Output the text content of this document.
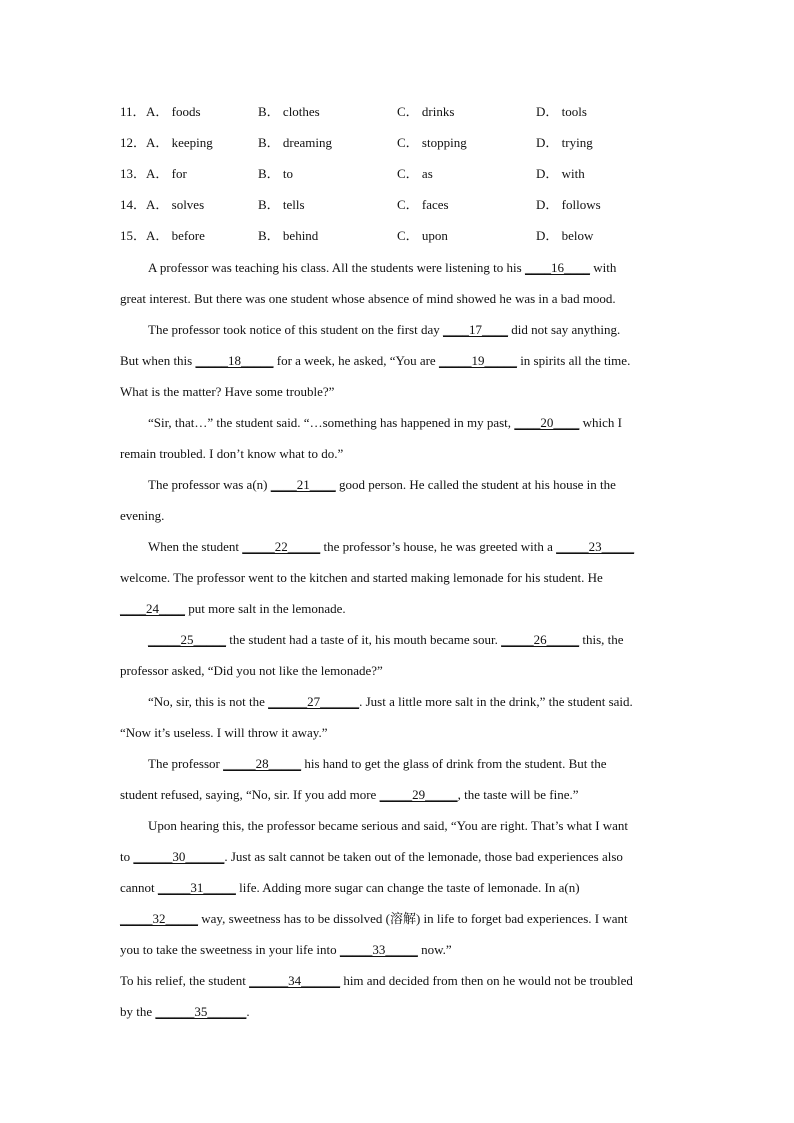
11． A． foods	B． clothes	C． drinks	D． tools
12． A． keeping	B． dreaming	C． stopping	D． trying
13． A． for	B． to	C． as	D． with
14． A． solves	B． tells	C． faces	D． follows
15． A． before	B． behind	C． upon	D． below
A professor was teaching his class. All the students were listening to his ____16____ with
great interest. But there was one student whose absence of mind showed he was in a bad mood.
The professor took notice of this student on the first day ____17____ did not say anything.
But when this _____18_____ for a week, he asked, “You are _____19_____ in spirits all the time.
What is the matter? Have some trouble?”
“Sir, that…” the student said. “…something has happened in my past, ____20____ which I
remain troubled. I don’t know what to do.”
The professor was a(n) ____21____ good person. He called the student at his house in the
evening.
When the student _____22_____ the professor’s house, he was greeted with a _____23_____
welcome. The professor went to the kitchen and started making lemonade for his student. He
____24____ put more salt in the lemonade.
_____25_____ the student had a taste of it, his mouth became sour. _____26_____ this, the
professor asked, “Did you not like the lemonade?”
“No, sir, this is not the ______27______. Just a little more salt in the drink,” the student said.
“Now it’s useless. I will throw it away.”
The professor _____28_____ his hand to get the glass of drink from the student. But the
student refused, saying, “No, sir. If you add more _____29_____, the taste will be fine.”
Upon hearing this, the professor became serious and said, “You are right. That’s what I want
to ______30______. Just as salt cannot be taken out of the lemonade, those bad experiences also
cannot _____31_____ life. Adding more sugar can change the taste of lemonade. In a(n)
_____32_____ way, sweetness has to be dissolved (溶解) in life to forget bad experiences. I want
you to take the sweetness in your life into _____33_____ now.”
To his relief, the student ______34______ him and decided from then on he would not be troubled
by the ______35______.
